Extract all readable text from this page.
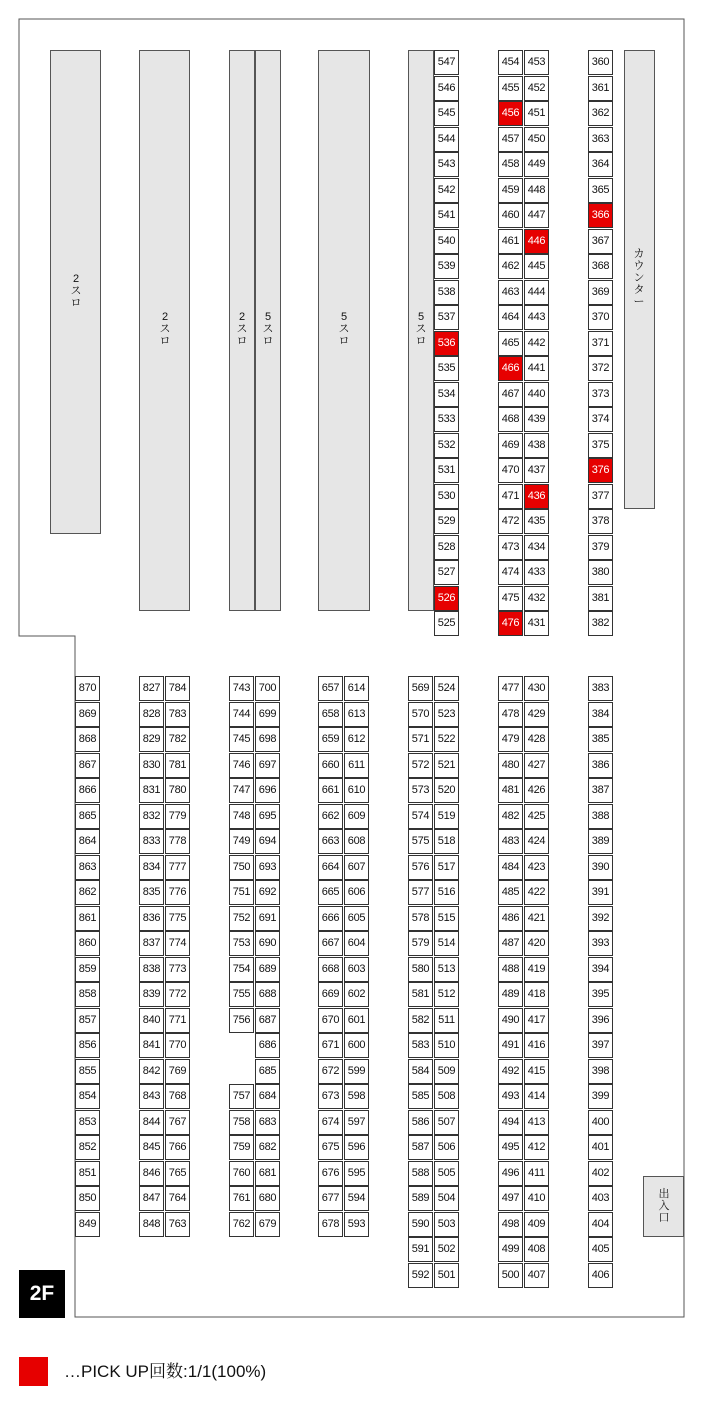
2スロ
2スロ
2スロ
5スロ
5スロ
5スロ
カウンター
出入口
2F
…PICK UP回数:1/1(100%)
547
546
545
544
543
542
541
540
539
538
537
536
535
534
533
532
531
530
529
528
527
526
525
454
455
456
457
458
459
460
461
462
463
464
465
466
467
468
469
470
471
472
473
474
475
476
453
452
451
450
449
448
447
446
445
444
443
442
441
440
439
438
437
436
435
434
433
432
431
360
361
362
363
364
365
366
367
368
369
370
371
372
373
374
375
376
377
378
379
380
381
382
870
869
868
867
866
865
864
863
862
861
860
859
858
857
856
855
854
853
852
851
850
849
827
828
829
830
831
832
833
834
835
836
837
838
839
840
841
842
843
844
845
846
847
848
784
783
782
781
780
779
778
777
776
775
774
773
772
771
770
769
768
767
766
765
764
763
743
744
745
746
747
748
749
750
751
752
753
754
755
756
757
758
759
760
761
762
700
699
698
697
696
695
694
693
692
691
690
689
688
687
686
685
684
683
682
681
680
679
657
658
659
660
661
662
663
664
665
666
667
668
669
670
671
672
673
674
675
676
677
678
614
613
612
611
610
609
608
607
606
605
604
603
602
601
600
599
598
597
596
595
594
593
569
570
571
572
573
574
575
576
577
578
579
580
581
582
583
584
585
586
587
588
589
590
591
592
524
523
522
521
520
519
518
517
516
515
514
513
512
511
510
509
508
507
506
505
504
503
502
501
477
478
479
480
481
482
483
484
485
486
487
488
489
490
491
492
493
494
495
496
497
498
499
500
430
429
428
427
426
425
424
423
422
421
420
419
418
417
416
415
414
413
412
411
410
409
408
407
383
384
385
386
387
388
389
390
391
392
393
394
395
396
397
398
399
400
401
402
403
404
405
406
